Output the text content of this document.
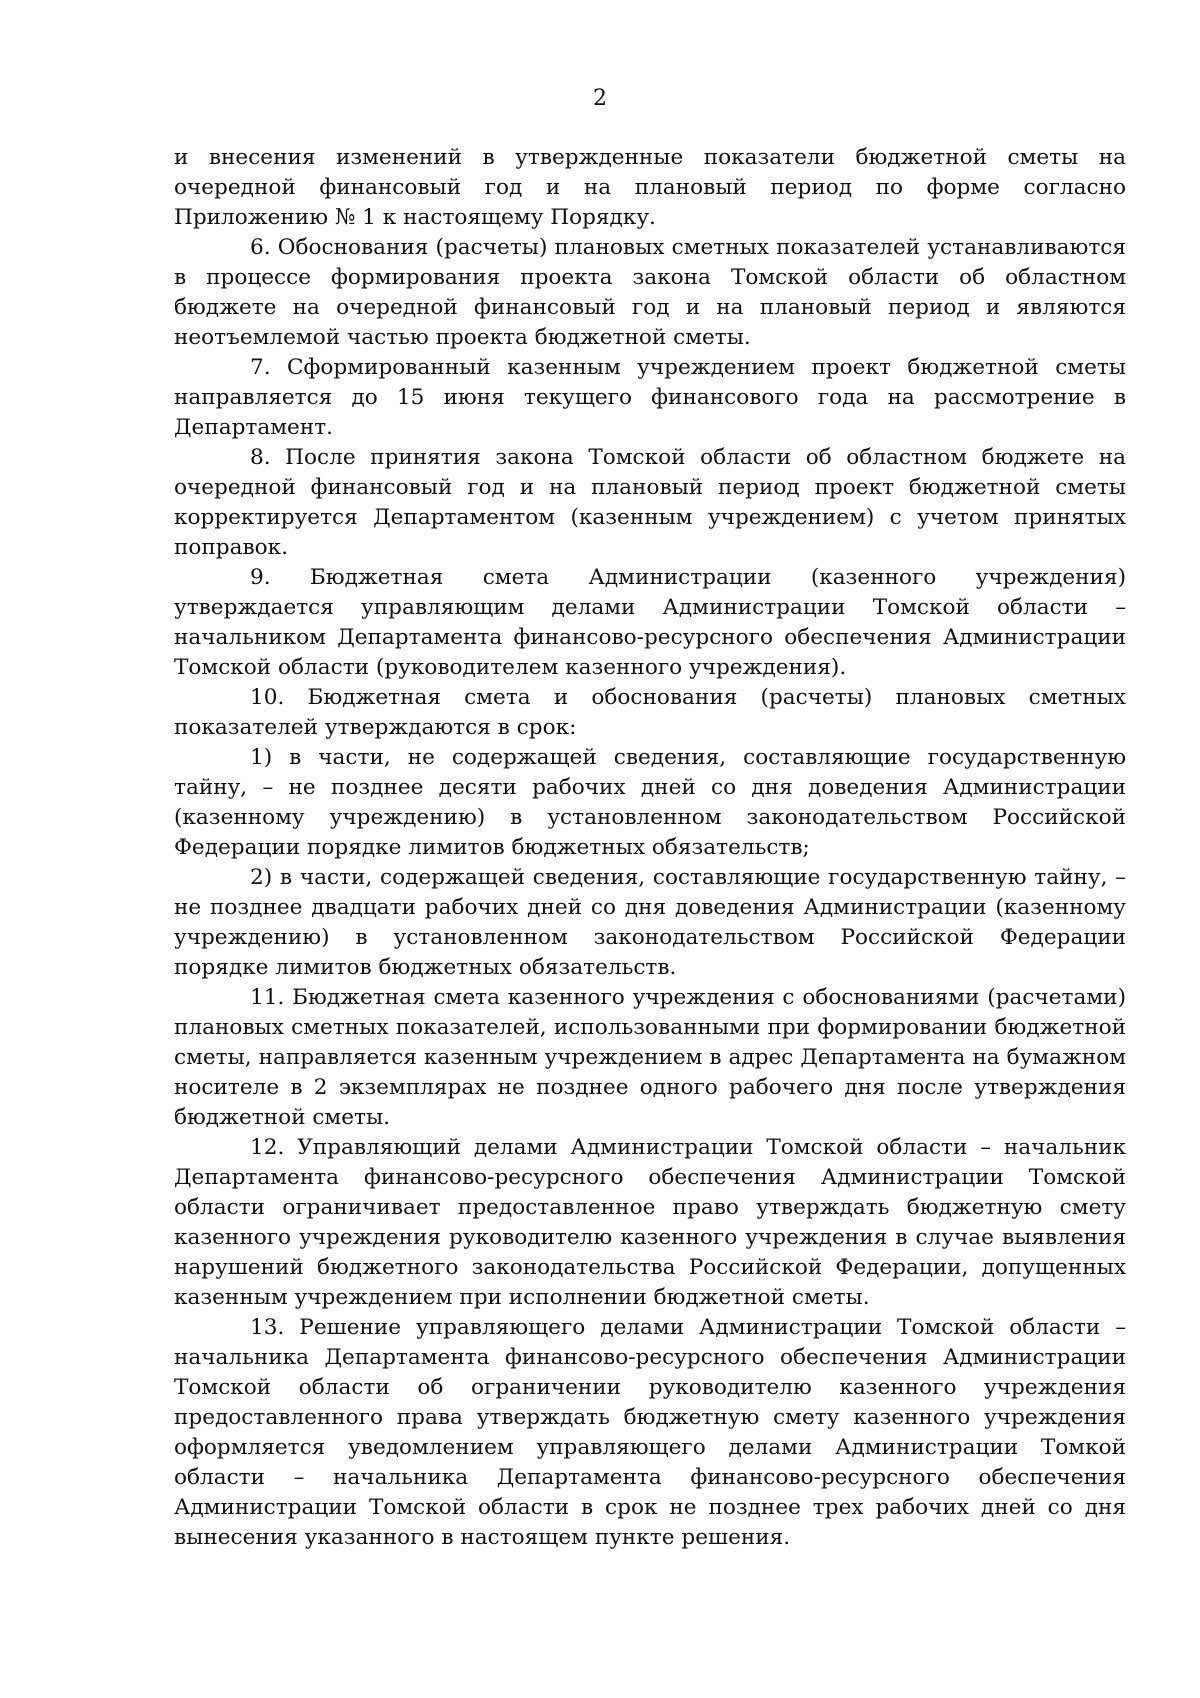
2

и внесения изменений в утвержденные показатели бюджетной сметы на очередной финансовый год и на плановый период по форме согласно Приложению № 1 к настоящему Порядку.

6. Обоснования (расчеты) плановых сметных показателей устанавливаются в процессе формирования проекта закона Томской области об областном бюджете на очередной финансовый год и на плановый период и являются неотъемлемой частью проекта бюджетной сметы.

7. Сформированный казенным учреждением проект бюджетной сметы направляется до 15 июня текущего финансового года на рассмотрение в Департамент.

8. После принятия закона Томской области об областном бюджете на очередной финансовый год и на плановый период проект бюджетной сметы корректируется Департаментом (казенным учреждением) с учетом принятых поправок.

9. Бюджетная смета Администрации (казенного учреждения) утверждается управляющим делами Администрации Томской области – начальником Департамента финансово-ресурсного обеспечения Администрации Томской области (руководителем казенного учреждения).

10. Бюджетная смета и обоснования (расчеты) плановых сметных показателей утверждаются в срок:

1) в части, не содержащей сведения, составляющие государственную тайну, – не позднее десяти рабочих дней со дня доведения Администрации (казенному учреждению) в установленном законодательством Российской Федерации порядке лимитов бюджетных обязательств;

2) в части, содержащей сведения, составляющие государственную тайну, – не позднее двадцати рабочих дней со дня доведения Администрации (казенному учреждению) в установленном законодательством Российской Федерации порядке лимитов бюджетных обязательств.

11. Бюджетная смета казенного учреждения с обоснованиями (расчетами) плановых сметных показателей, использованными при формировании бюджетной сметы, направляется казенным учреждением в адрес Департамента на бумажном носителе в 2 экземплярах не позднее одного рабочего дня после утверждения бюджетной сметы.

12. Управляющий делами Администрации Томской области – начальник Департамента финансово-ресурсного обеспечения Администрации Томской области ограничивает предоставленное право утверждать бюджетную смету казенного учреждения руководителю казенного учреждения в случае выявления нарушений бюджетного законодательства Российской Федерации, допущенных казенным учреждением при исполнении бюджетной сметы.

13. Решение управляющего делами Администрации Томской области – начальника Департамента финансово-ресурсного обеспечения Администрации Томской области об ограничении руководителю казенного учреждения предоставленного права утверждать бюджетную смету казенного учреждения оформляется уведомлением управляющего делами Администрации Томкой области – начальника Департамента финансово-ресурсного обеспечения Администрации Томской области в срок не позднее трех рабочих дней со дня вынесения указанного в настоящем пункте решения.
